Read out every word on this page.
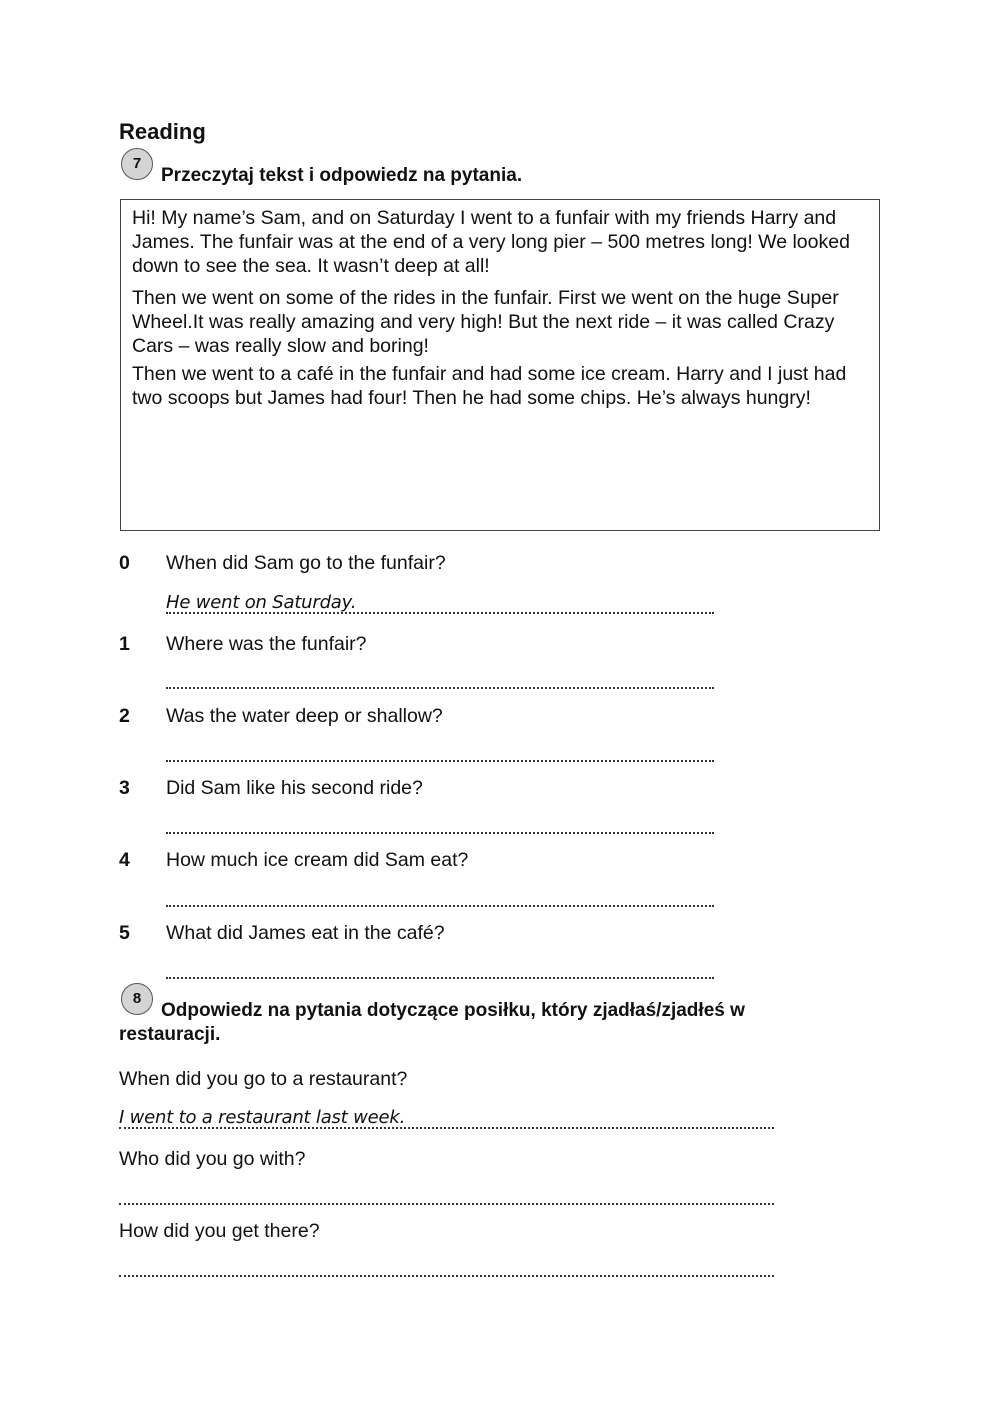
Reading
7
Przeczytaj tekst i odpowiedz na pytania.

Hi! My name’s Sam, and on Saturday I went to a funfair with my friends Harry and James. The funfair was at the end of a very long pier – 500 metres long! We looked down to see the sea. It wasn’t deep at all!

Then we went on some of the rides in the funfair. First we went on the huge Super Wheel.It was really amazing and very high! But the next ride – it was called Crazy Cars – was really slow and boring!

Then we went to a café in the funfair and had some ice cream. Harry and I just had two scoops but James had four! Then he had some chips. He’s always hungry!

0 When did Sam go to the funfair?
He went on Saturday.
1 Where was the funfair?
2 Was the water deep or shallow?
3 Did Sam like his second ride?
4 How much ice cream did Sam eat?
5 What did James eat in the café?
8
Odpowiedz na pytania dotyczące posiłku, który zjadłaś/zjadłeś w
restauracji.
When did you go to a restaurant?
I went to a restaurant last week.
Who did you go with?
How did you get there?
